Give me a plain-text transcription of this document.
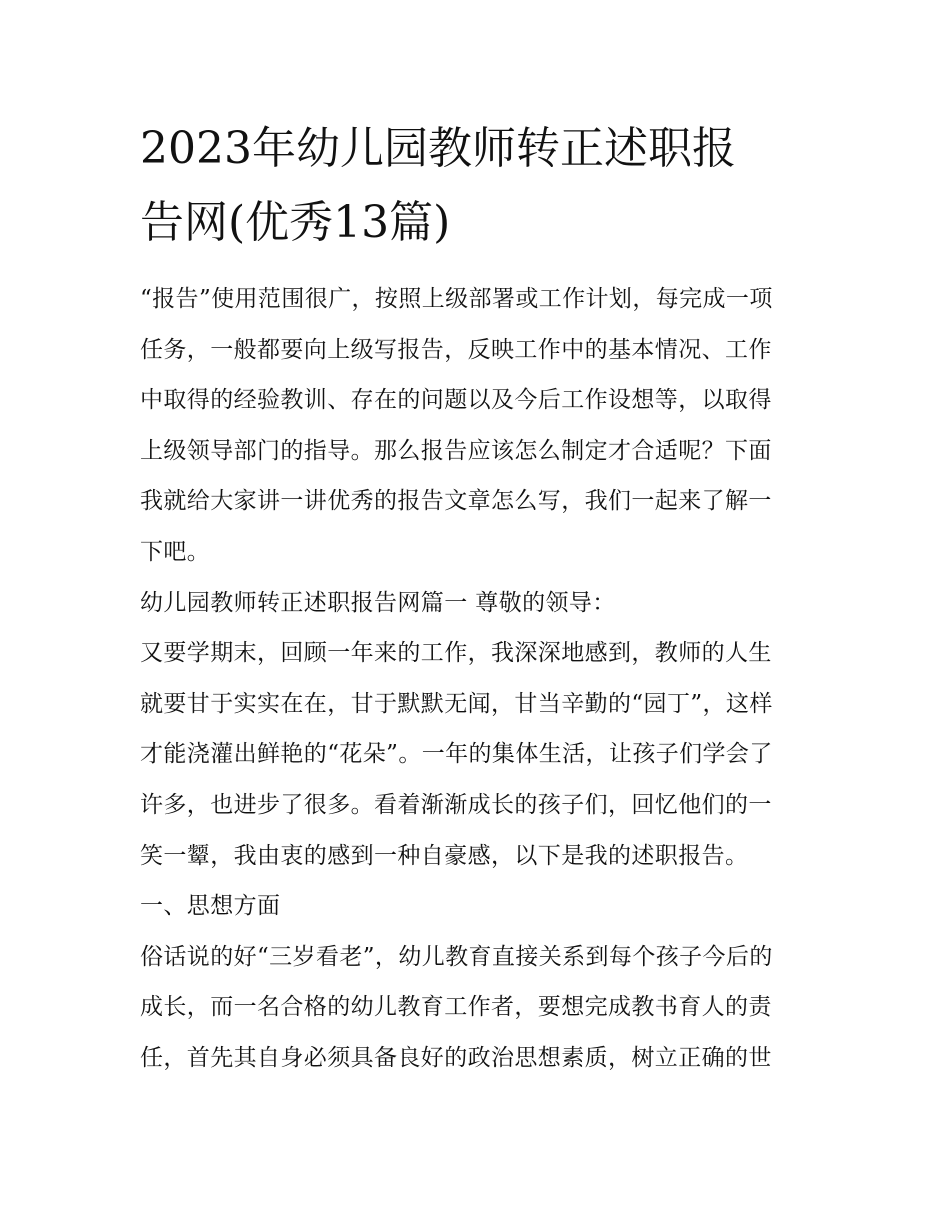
2023年幼儿园教师转正述职报
告网(优秀13篇)

“报告”使用范围很广，按照上级部署或工作计划，每完成一项
任务，一般都要向上级写报告，反映工作中的基本情况、工作
中取得的经验教训、存在的问题以及今后工作设想等，以取得
上级领导部门的指导。那么报告应该怎么制定才合适呢？下面
我就给大家讲一讲优秀的报告文章怎么写，我们一起来了解一
下吧。

幼儿园教师转正述职报告网篇一 尊敬的领导：

又要学期末，回顾一年来的工作，我深深地感到，教师的人生
就要甘于实实在在，甘于默默无闻，甘当辛勤的“园丁”，这样
才能浇灌出鲜艳的“花朵”。一年的集体生活，让孩子们学会了
许多，也进步了很多。看着渐渐成长的孩子们，回忆他们的一
笑一颦，我由衷的感到一种自豪感，以下是我的述职报告。

一、思想方面

俗话说的好“三岁看老”，幼儿教育直接关系到每个孩子今后的
成长，而一名合格的幼儿教育工作者，要想完成教书育人的责
任，首先其自身必须具备良好的政治思想素质，树立正确的世
